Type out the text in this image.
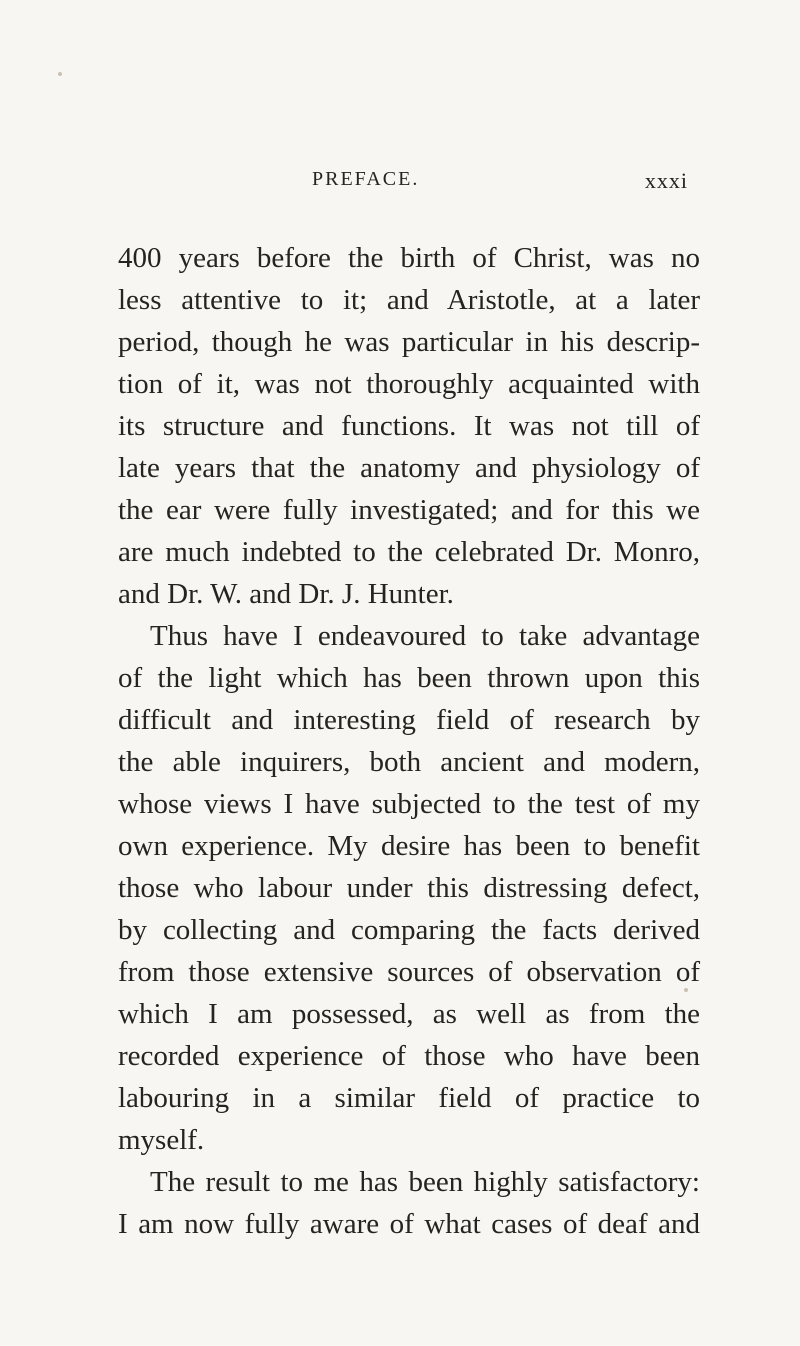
PREFACE.	xxxi
400 years before the birth of Christ, was no
less attentive to it; and Aristotle, at a later
period, though he was particular in his descrip-
tion of it, was not thoroughly acquainted with
its structure and functions. It was not till of
late years that the anatomy and physiology of
the ear were fully investigated; and for this we
are much indebted to the celebrated Dr. Monro,
and Dr. W. and Dr. J. Hunter.
Thus have I endeavoured to take advantage
of the light which has been thrown upon this
difficult and interesting field of research by
the able inquirers, both ancient and modern,
whose views I have subjected to the test of my
own experience. My desire has been to benefit
those who labour under this distressing defect,
by collecting and comparing the facts derived
from those extensive sources of observation of
which I am possessed, as well as from the
recorded experience of those who have been
labouring in a similar field of practice to
myself.
The result to me has been highly satisfactory:
I am now fully aware of what cases of deaf and
